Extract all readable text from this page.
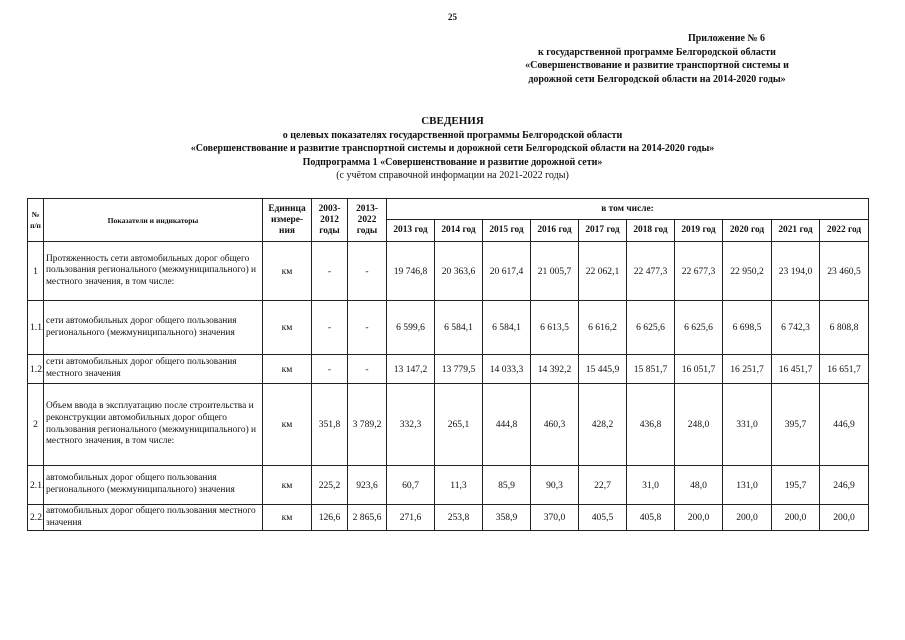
25
Приложение № 6
к государственной программе Белгородской области
«Совершенствование и развитие транспортной системы и
дорожной сети Белгородской области на 2014-2020 годы»
СВЕДЕНИЯ
о целевых показателях государственной программы Белгородской области
«Совершенствование и развитие транспортной системы и дорожной сети Белгородской области на 2014-2020 годы»
Подпрограмма 1 «Совершенствование и развитие дорожной сети»
(с учётом справочной информации на 2021-2022 годы)
№ п/п	Показатели и индикаторы	Единица измере-ния	2003-2012 годы	2013-2022 годы	в том числе:									
					2013 год	2014 год	2015 год	2016 год	2017 год	2018 год	2019 год	2020 год	2021 год	2022 год
1	Протяженность сети автомобильных дорог общего пользования регионального (межмуниципального) и местного значения, в том числе:	км	-	-	19 746,8	20 363,6	20 617,4	21 005,7	22 062,1	22 477,3	22 677,3	22 950,2	23 194,0	23 460,5
1.1.	сети автомобильных дорог общего пользования регионального (межмуниципального) значения	км	-	-	6 599,6	6 584,1	6 584,1	6 613,5	6 616,2	6 625,6	6 625,6	6 698,5	6 742,3	6 808,8
1.2.	сети автомобильных дорог общего пользования местного значения	км	-	-	13 147,2	13 779,5	14 033,3	14 392,2	15 445,9	15 851,7	16 051,7	16 251,7	16 451,7	16 651,7
2	Объем ввода в эксплуатацию после строительства и реконструкции автомобильных дорог общего пользования регионального (межмуниципального) и местного значения, в том числе:	км	351,8	3 789,2	332,3	265,1	444,8	460,3	428,2	436,8	248,0	331,0	395,7	446,9
2.1.	автомобильных дорог общего пользования регионального (межмуниципального) значения	км	225,2	923,6	60,7	11,3	85,9	90,3	22,7	31,0	48,0	131,0	195,7	246,9
2.2.	автомобильных дорог общего пользования местного значения	км	126,6	2 865,6	271,6	253,8	358,9	370,0	405,5	405,8	200,0	200,0	200,0	200,0
